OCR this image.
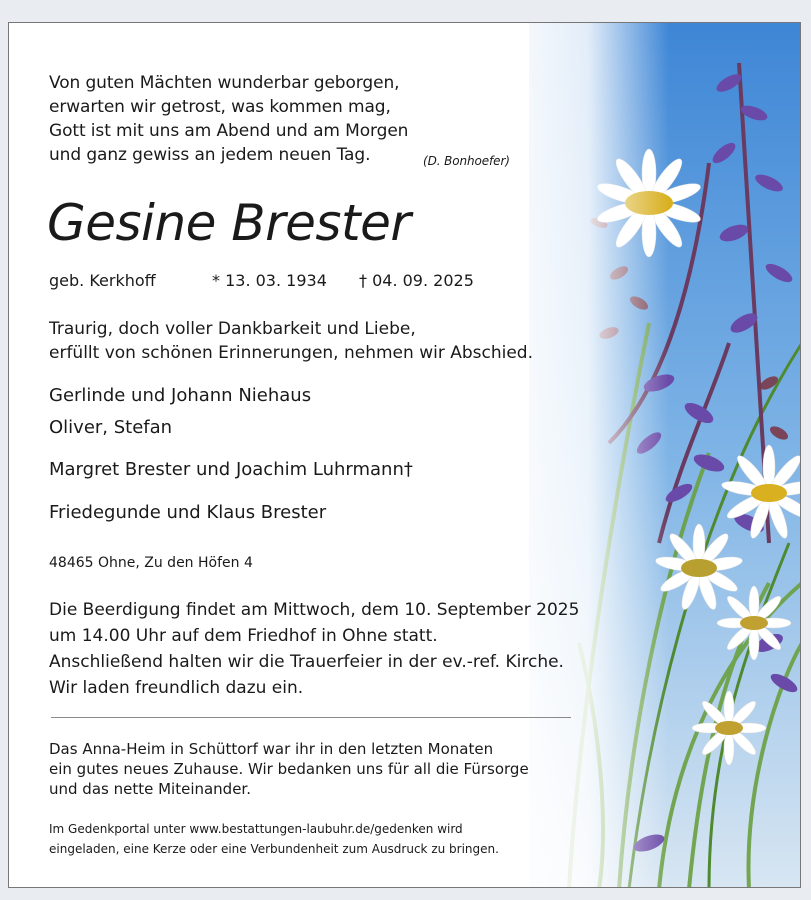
Von guten Mächten wunderbar geborgen,
erwarten wir getrost, was kommen mag,
Gott ist mit uns am Abend und am Morgen
und ganz gewiss an jedem neuen Tag.	(D. Bonhoefer)
Gesine Brester
geb. Kerkhoff	* 13. 03. 1934 † 04. 09. 2025
Traurig, doch voller Dankbarkeit und Liebe,
erfüllt von schönen Erinnerungen, nehmen wir Abschied.
Gerlinde und Johann Niehaus
Oliver, Stefan
Margret Brester und Joachim Luhrmann†
Friedegunde und Klaus Brester
48465 Ohne, Zu den Höfen 4
Die Beerdigung findet am Mittwoch, dem 10. September 2025
um 14.00 Uhr auf dem Friedhof in Ohne statt.
Anschließend halten wir die Trauerfeier in der ev.-ref. Kirche.
Wir laden freundlich dazu ein.
Das Anna-Heim in Schüttorf war ihr in den letzten Monaten
ein gutes neues Zuhause. Wir bedanken uns für all die Fürsorge
und das nette Miteinander.
Im Gedenkportal unter www.bestattungen-laubuhr.de/gedenken wird
eingeladen, eine Kerze oder eine Verbundenheit zum Ausdruck zu bringen.
